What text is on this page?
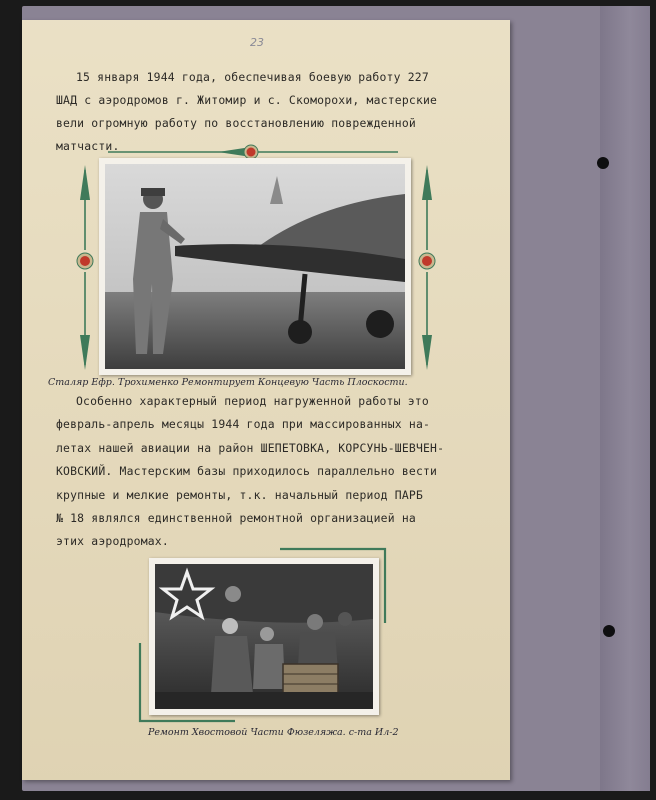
23
15 января 1944 года, обеспечивая боевую работу 227
ШАД с аэродромов г. Житомир и с. Скоморохи, мастерские
вели огромную работу по восстановлению поврежденной
матчасти.
Сталяр Ефр. Трохименко Ремонтирует Концевую Часть Плоскости.
Особенно характерный период нагруженной работы это
февраль-апрель месяцы 1944 года при массированных на-
летах нашей авиации на район ШЕПЕТОВКА, КОРСУНЬ-ШЕВЧЕН-
КОВСКИЙ. Мастерским базы приходилось параллельно вести
крупные и мелкие ремонты, т.к. начальный период ПАРБ
№ 18 являлся единственной ремонтной организацией на
этих аэродромах.
Ремонт Хвостовой Части Фюзеляжа. с-та Ил-2
